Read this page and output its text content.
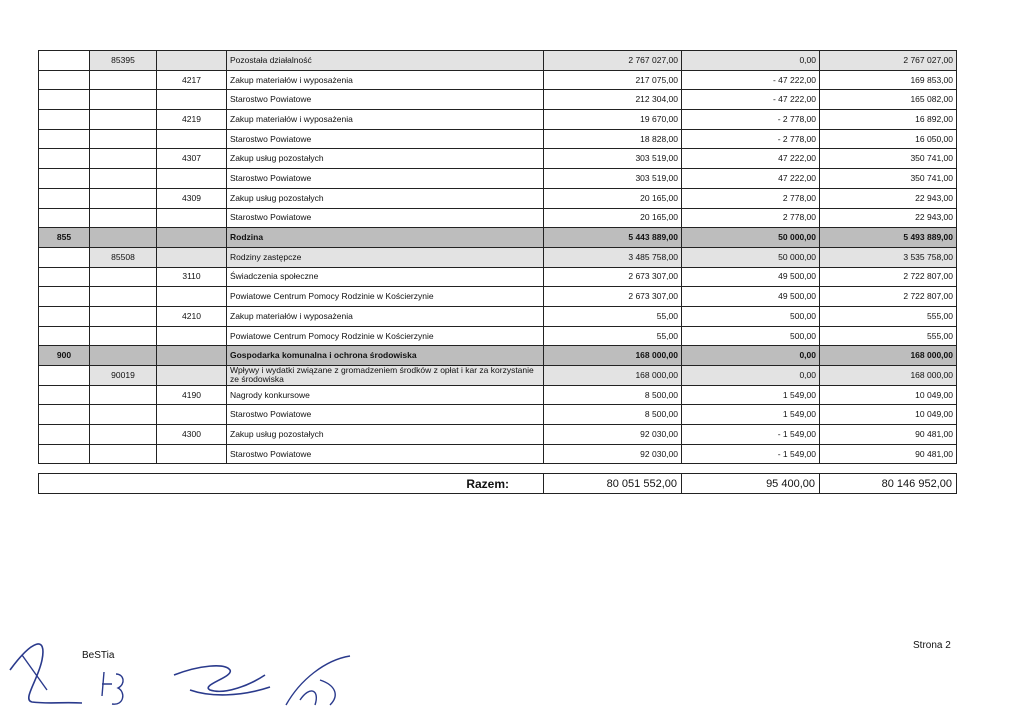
	85395		Pozostała działalność	2 767 027,00	0,00	2 767 027,00
		4217	Zakup materiałów i wyposażenia	217 075,00	- 47 222,00	169 853,00
			Starostwo Powiatowe	212 304,00	- 47 222,00	165 082,00
		4219	Zakup materiałów i wyposażenia	19 670,00	- 2 778,00	16 892,00
			Starostwo Powiatowe	18 828,00	- 2 778,00	16 050,00
		4307	Zakup usług pozostałych	303 519,00	47 222,00	350 741,00
			Starostwo Powiatowe	303 519,00	47 222,00	350 741,00
		4309	Zakup usług pozostałych	20 165,00	2 778,00	22 943,00
			Starostwo Powiatowe	20 165,00	2 778,00	22 943,00
855			Rodzina	5 443 889,00	50 000,00	5 493 889,00
	85508		Rodziny zastępcze	3 485 758,00	50 000,00	3 535 758,00
		3110	Świadczenia społeczne	2 673 307,00	49 500,00	2 722 807,00
			Powiatowe Centrum Pomocy Rodzinie w Kościerzynie	2 673 307,00	49 500,00	2 722 807,00
		4210	Zakup materiałów i wyposażenia	55,00	500,00	555,00
			Powiatowe Centrum Pomocy Rodzinie w Kościerzynie	55,00	500,00	555,00
900			Gospodarka komunalna i ochrona środowiska	168 000,00	0,00	168 000,00
	90019		Wpływy i wydatki związane z gromadzeniem środków z opłat i kar za korzystanie ze środowiska	168 000,00	0,00	168 000,00
		4190	Nagrody konkursowe	8 500,00	1 549,00	10 049,00
			Starostwo Powiatowe	8 500,00	1 549,00	10 049,00
		4300	Zakup usług pozostałych	92 030,00	- 1 549,00	90 481,00
			Starostwo Powiatowe	92 030,00	- 1 549,00	90 481,00
Razem:	80 051 552,00	95 400,00	80 146 952,00
BeSTia
Strona 2
